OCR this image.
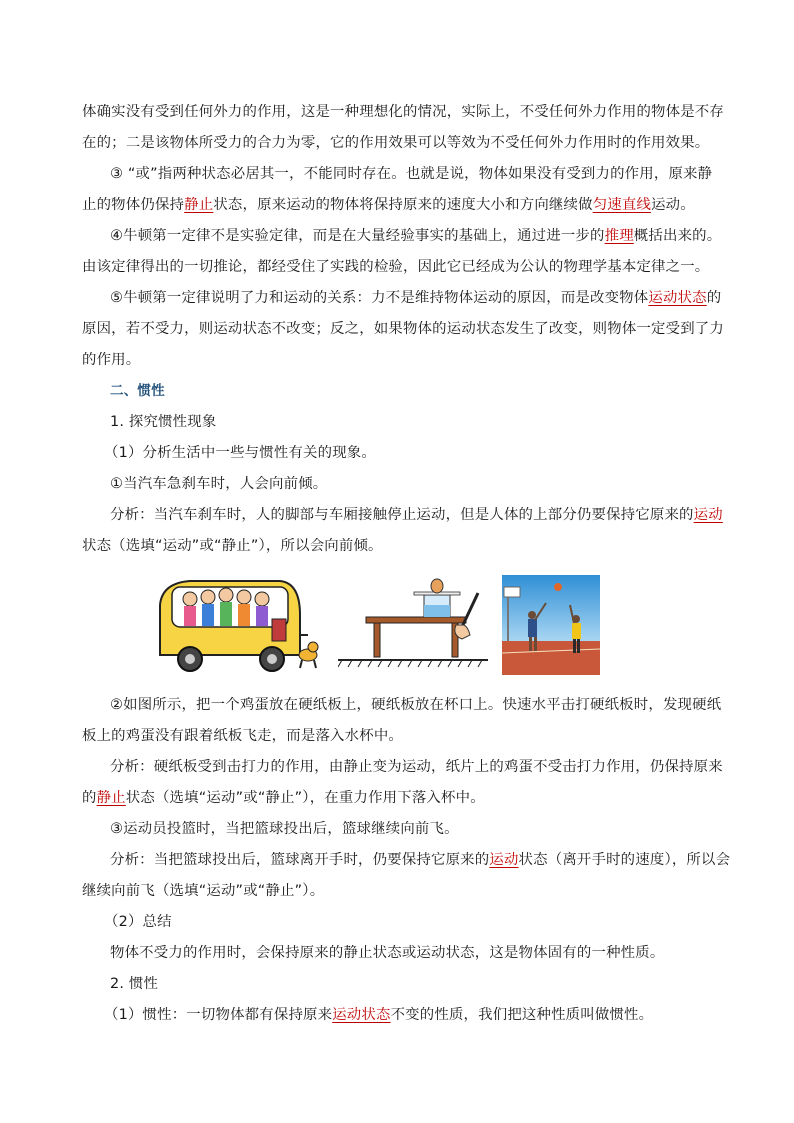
体确实没有受到任何外力的作用，这是一种理想化的情况，实际上，不受任何外力作用的物体是不存
在的；二是该物体所受力的合力为零，它的作用效果可以等效为不受任何外力作用时的作用效果。
③ “或”指两种状态必居其一，不能同时存在。也就是说，物体如果没有受到力的作用，原来静
止的物体仍保持静止状态，原来运动的物体将保持原来的速度大小和方向继续做匀速直线运动。
④牛顿第一定律不是实验定律，而是在大量经验事实的基础上，通过进一步的推理概括出来的。
由该定律得出的一切推论，都经受住了实践的检验，因此它已经成为公认的物理学基本定律之一。
⑤牛顿第一定律说明了力和运动的关系：力不是维持物体运动的原因，而是改变物体运动状态的
原因，若不受力，则运动状态不改变；反之，如果物体的运动状态发生了改变，则物体一定受到了力
的作用。
二、惯性
1. 探究惯性现象
（1）分析生活中一些与惯性有关的现象。
①当汽车急刹车时，人会向前倾。
分析：当汽车刹车时，人的脚部与车厢接触停止运动，但是人体的上部分仍要保持它原来的运动
状态（选填“运动”或“静止”），所以会向前倾。
②如图所示，把一个鸡蛋放在硬纸板上，硬纸板放在杯口上。快速水平击打硬纸板时，发现硬纸
板上的鸡蛋没有跟着纸板飞走，而是落入水杯中。
分析：硬纸板受到击打力的作用，由静止变为运动，纸片上的鸡蛋不受击打力作用，仍保持原来
的静止状态（选填“运动”或“静止”），在重力作用下落入杯中。
③运动员投篮时，当把篮球投出后，篮球继续向前飞。
分析：当把篮球投出后，篮球离开手时，仍要保持它原来的运动状态（离开手时的速度），所以会
继续向前飞（选填“运动”或“静止”）。
（2）总结
物体不受力的作用时，会保持原来的静止状态或运动状态，这是物体固有的一种性质。
2. 惯性
（1）惯性：一切物体都有保持原来运动状态不变的性质，我们把这种性质叫做惯性。
